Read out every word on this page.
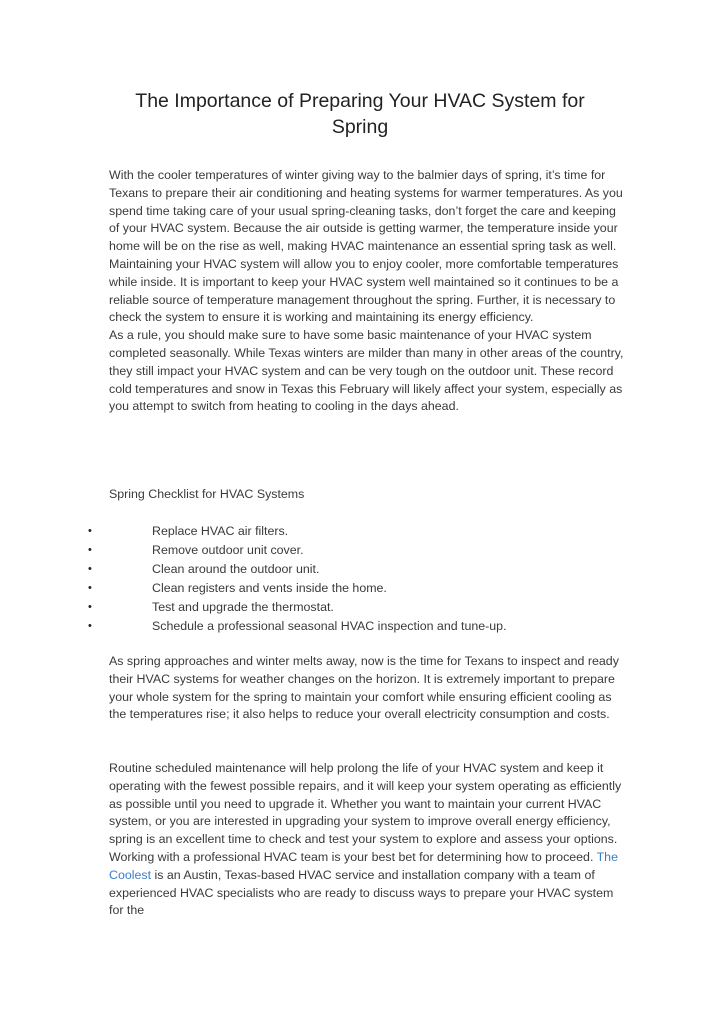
The Importance of Preparing Your HVAC System for Spring

With the cooler temperatures of winter giving way to the balmier days of spring, it’s time for Texans to prepare their air conditioning and heating systems for warmer temperatures. As you spend time taking care of your usual spring-cleaning tasks, don’t forget the care and keeping of your HVAC system. Because the air outside is getting warmer, the temperature inside your home will be on the rise as well, making HVAC maintenance an essential spring task as well.

Maintaining your HVAC system will allow you to enjoy cooler, more comfortable temperatures while inside. It is important to keep your HVAC system well maintained so it continues to be a reliable source of temperature management throughout the spring. Further, it is necessary to check the system to ensure it is working and maintaining its energy efficiency.

As a rule, you should make sure to have some basic maintenance of your HVAC system completed seasonally. While Texas winters are milder than many in other areas of the country, they still impact your HVAC system and can be very tough on the outdoor unit. These record cold temperatures and snow in Texas this February will likely affect your system, especially as you attempt to switch from heating to cooling in the days ahead.

Spring Checklist for HVAC Systems

•	Replace HVAC air filters.
•	Remove outdoor unit cover.
•	Clean around the outdoor unit.
•	Clean registers and vents inside the home.
•	Test and upgrade the thermostat.
•	Schedule a professional seasonal HVAC inspection and tune-up.

As spring approaches and winter melts away, now is the time for Texans to inspect and ready their HVAC systems for weather changes on the horizon. It is extremely important to prepare your whole system for the spring to maintain your comfort while ensuring efficient cooling as the temperatures rise; it also helps to reduce your overall electricity consumption and costs.

Routine scheduled maintenance will help prolong the life of your HVAC system and keep it operating with the fewest possible repairs, and it will keep your system operating as efficiently as possible until you need to upgrade it. Whether you want to maintain your current HVAC system, or you are interested in upgrading your system to improve overall energy efficiency, spring is an excellent time to check and test your system to explore and assess your options. Working with a professional HVAC team is your best bet for determining how to proceed. The Coolest is an Austin, Texas-based HVAC service and installation company with a team of experienced HVAC specialists who are ready to discuss ways to prepare your HVAC system for the
